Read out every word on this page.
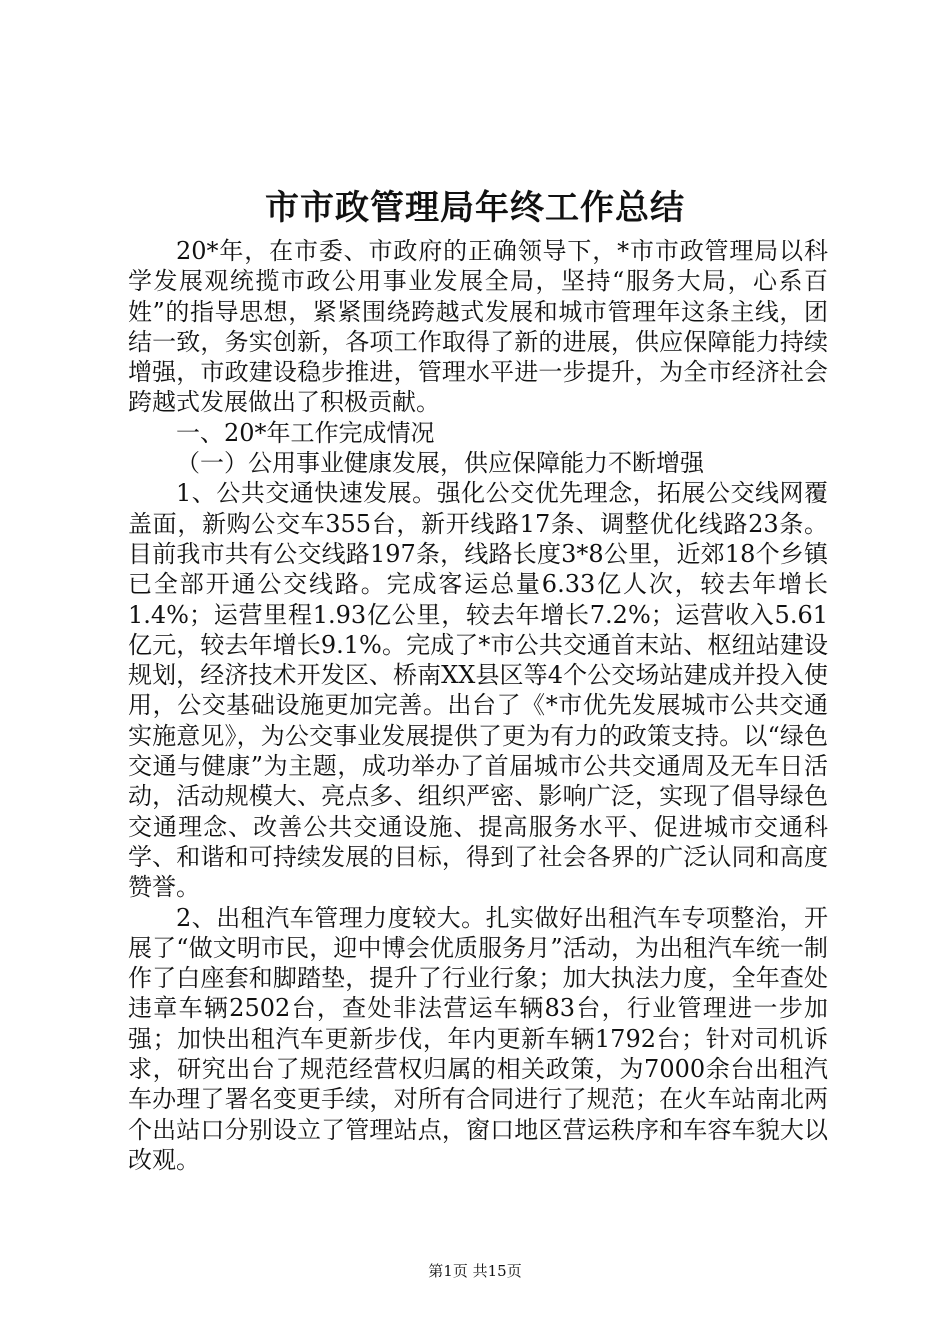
市市政管理局年终工作总结

20*年，在市委、市政府的正确领导下，*市市政管理局以科学发展观统揽市政公用事业发展全局，坚持“服务大局，心系百姓”的指导思想，紧紧围绕跨越式发展和城市管理年这条主线，团结一致，务实创新，各项工作取得了新的进展，供应保障能力持续增强，市政建设稳步推进，管理水平进一步提升，为全市经济社会跨越式发展做出了积极贡献。

一、20*年工作完成情况

（一）公用事业健康发展，供应保障能力不断增强

1、公共交通快速发展。强化公交优先理念，拓展公交线网覆盖面，新购公交车355台，新开线路17条、调整优化线路23条。目前我市共有公交线路197条，线路长度3*8公里，近郊18个乡镇已全部开通公交线路。完成客运总量6.33亿人次，较去年增长1.4%；运营里程1.93亿公里，较去年增长7.2%；运营收入5.61亿元，较去年增长9.1%。完成了*市公共交通首末站、枢纽站建设规划，经济技术开发区、桥南XX县区等4个公交场站建成并投入使用，公交基础设施更加完善。出台了《*市优先发展城市公共交通实施意见》，为公交事业发展提供了更为有力的政策支持。以“绿色交通与健康”为主题，成功举办了首届城市公共交通周及无车日活动，活动规模大、亮点多、组织严密、影响广泛，实现了倡导绿色交通理念、改善公共交通设施、提高服务水平、促进城市交通科学、和谐和可持续发展的目标，得到了社会各界的广泛认同和高度赞誉。

2、出租汽车管理力度较大。扎实做好出租汽车专项整治，开展了“做文明市民，迎中博会优质服务月”活动，为出租汽车统一制作了白座套和脚踏垫，提升了行业行象；加大执法力度，全年查处违章车辆2502台，查处非法营运车辆83台，行业管理进一步加强；加快出租汽车更新步伐，年内更新车辆1792台；针对司机诉求，研究出台了规范经营权归属的相关政策，为7000余台出租汽车办理了署名变更手续，对所有合同进行了规范；在火车站南北两个出站口分别设立了管理站点，窗口地区营运秩序和车容车貌大以改观。

第1页 共15页
